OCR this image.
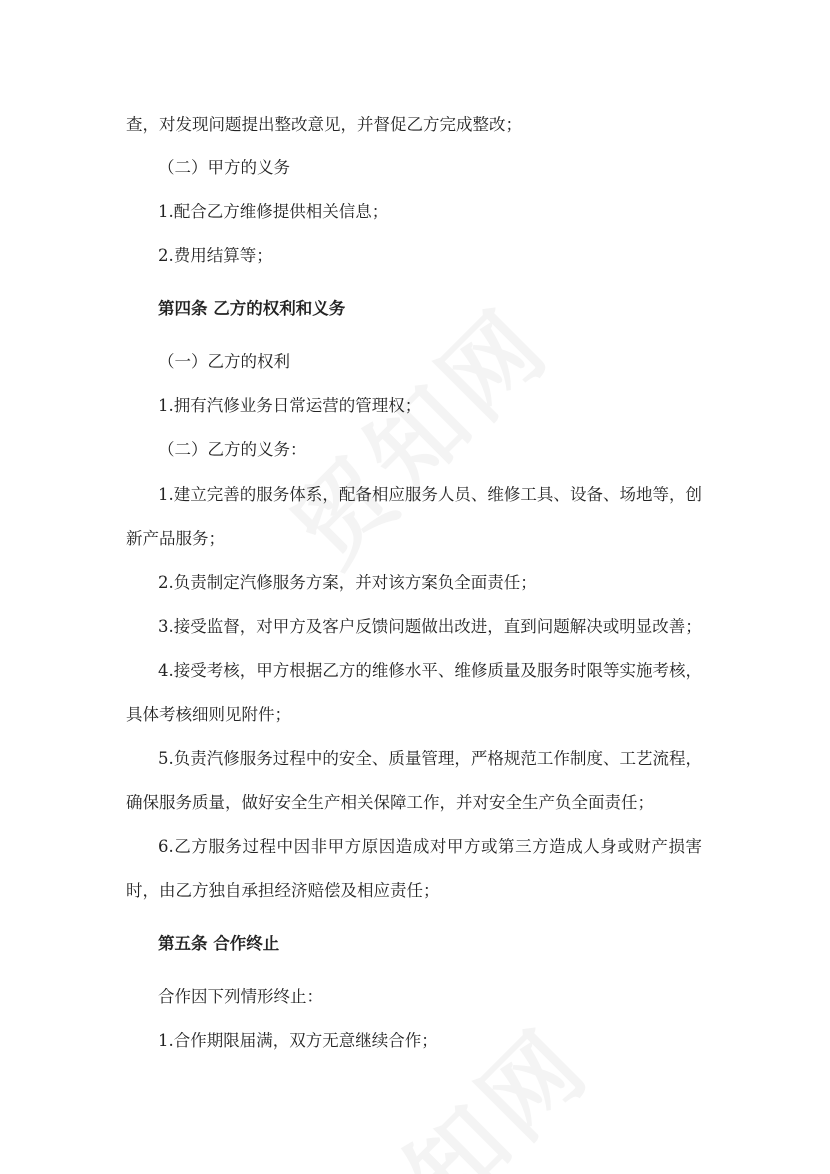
查，对发现问题提出整改意见，并督促乙方完成整改；
（二）甲方的义务
1.配合乙方维修提供相关信息；
2.费用结算等；
第四条 乙方的权利和义务
（一）乙方的权利
1.拥有汽修业务日常运营的管理权；
（二）乙方的义务：
1.建立完善的服务体系，配备相应服务人员、维修工具、设备、场地等，创
新产品服务；
2.负责制定汽修服务方案，并对该方案负全面责任；
3.接受监督，对甲方及客户反馈问题做出改进，直到问题解决或明显改善；
4.接受考核，甲方根据乙方的维修水平、维修质量及服务时限等实施考核，
具体考核细则见附件；
5.负责汽修服务过程中的安全、质量管理，严格规范工作制度、工艺流程，
确保服务质量，做好安全生产相关保障工作，并对安全生产负全面责任；
6.乙方服务过程中因非甲方原因造成对甲方或第三方造成人身或财产损害
时，由乙方独自承担经济赔偿及相应责任；
第五条 合作终止
合作因下列情形终止：
1.合作期限届满，双方无意继续合作；
